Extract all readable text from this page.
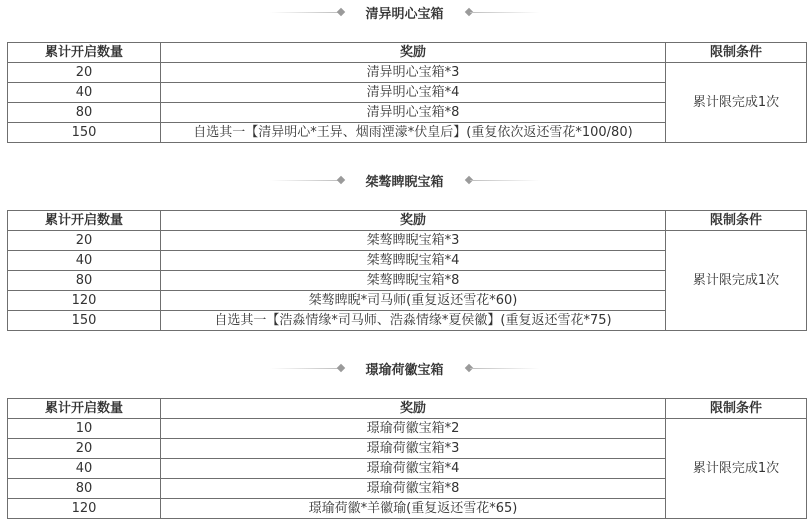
清异明心宝箱
累计开启数量	奖励	限制条件
20	清异明心宝箱*3	累计限完成1次
40	清异明心宝箱*4	
80	清异明心宝箱*8	
150	自选其一【清异明心*王异、烟雨湮濛*伏皇后】(重复依次返还雪花*100/80)	
桀骜睥睨宝箱
累计开启数量	奖励	限制条件
20	桀骜睥睨宝箱*3	累计限完成1次
40	桀骜睥睨宝箱*4	
80	桀骜睥睨宝箱*8	
120	桀骜睥睨*司马师(重复返还雪花*60)	
150	自选其一【浩淼情缘*司马师、浩淼情缘*夏侯徽】(重复返还雪花*75)	
璟瑜荷徽宝箱
累计开启数量	奖励	限制条件
10	璟瑜荷徽宝箱*2	累计限完成1次
20	璟瑜荷徽宝箱*3	
40	璟瑜荷徽宝箱*4	
80	璟瑜荷徽宝箱*8	
120	璟瑜荷徽*羊徽瑜(重复返还雪花*65)	
